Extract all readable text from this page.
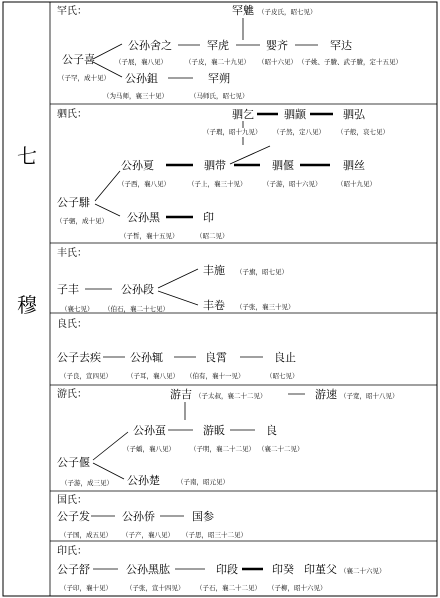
七
穆
罕氏：	罕魋 （子皮氏，昭七见）
公孙舍之	罕虎	婴齐	罕达
（子展，襄八见）	（子皮，襄二十九见） （昭十六见） （子姚、子賸、武子賸，定十五见）
公子喜
（子罕，成十见） 公孙鉏	罕朔
（为马师，襄三十见）	（马师氏，昭七见）
驷氏：	驷乞	驷颛	驷弘
（子瑕，昭十九见） （子然，定八见） （子般，哀七见）
公孙夏	驷带	驷偃	驷丝
（子西，襄八见）	（子上，襄三十见）	（子游，昭十六见） （昭十九见）
公子騑
（子驷，成十见） 公孙黑	印
（子皙，襄十五见）	（昭二见）
丰氏：
丰施 （子旗，昭七见）
子丰	公孙段
（襄七见） （伯石，襄二十七见）	丰卷 （子张，襄三十见）
良氏：
公子去疾	公孙辄	良霄	良止
（子良，宣四见） （子耳，襄八见） （伯有，襄十一见）	（昭七见）
游氏：	游吉 （子太叔，襄二十二见）	游速 （子宽，昭十八见）
公孙虿	游眅	良
（子蟜，襄八见） （子明，襄二十二见） （襄二十二见）
公子偃
（子游，成三见） 公孙楚	（子南，昭元见）
国氏：
公子发	公孙侨	国参
（子国，成五见） （子产，襄八见） （子思，昭三十二见）
印氏：
公子舒	公孙黑肱	印段	印癸 印堇父 （襄二十六见）
（子印，襄十见） （子张，宣十四见） （子石，襄二十二见） （子柳，昭十六见）
